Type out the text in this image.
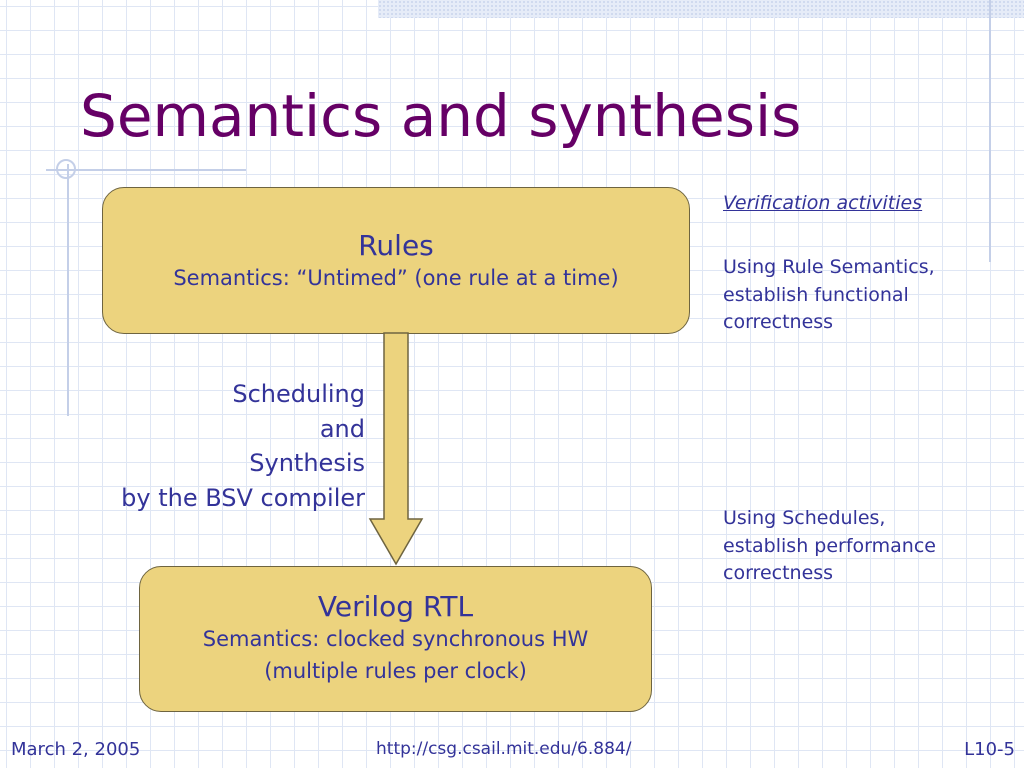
Semantics and synthesis
Rules
Semantics: “Untimed” (one rule at a time)
Scheduling
and
Synthesis
by the BSV compiler
Verilog RTL
Semantics: clocked synchronous HW
(multiple rules per clock)
Verification activities
Using Rule Semantics,
establish functional
correctness
Using Schedules,
establish performance
correctness
March 2, 2005	http://csg.csail.mit.edu/6.884/	L10-5
